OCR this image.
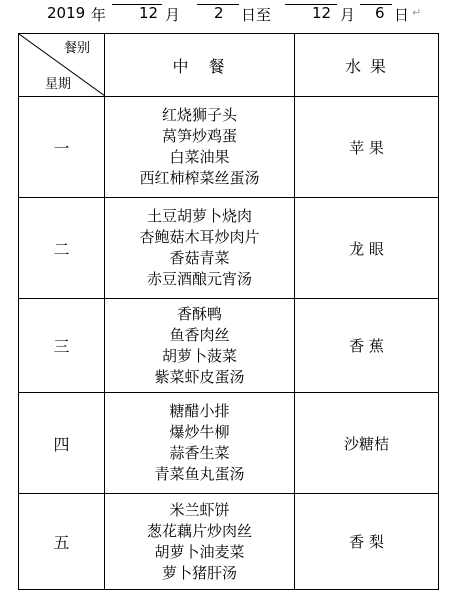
2019 年 12 月 2 日至	12 月 6 日 ↵
餐别
星期	中　餐	水 果
一	红烧狮子头
莴笋炒鸡蛋
白菜油果
西红柿榨菜丝蛋汤	苹 果
二	土豆胡萝卜烧肉
杏鲍菇木耳炒肉片
香菇青菜
赤豆酒酿元宵汤	龙 眼
三	香酥鸭
鱼香肉丝
胡萝卜菠菜
紫菜虾皮蛋汤	香 蕉
四	糖醋小排
爆炒牛柳
蒜香生菜
青菜鱼丸蛋汤	沙糖桔
五	米兰虾饼
葱花藕片炒肉丝
胡萝卜油麦菜
萝卜猪肝汤	香 梨
